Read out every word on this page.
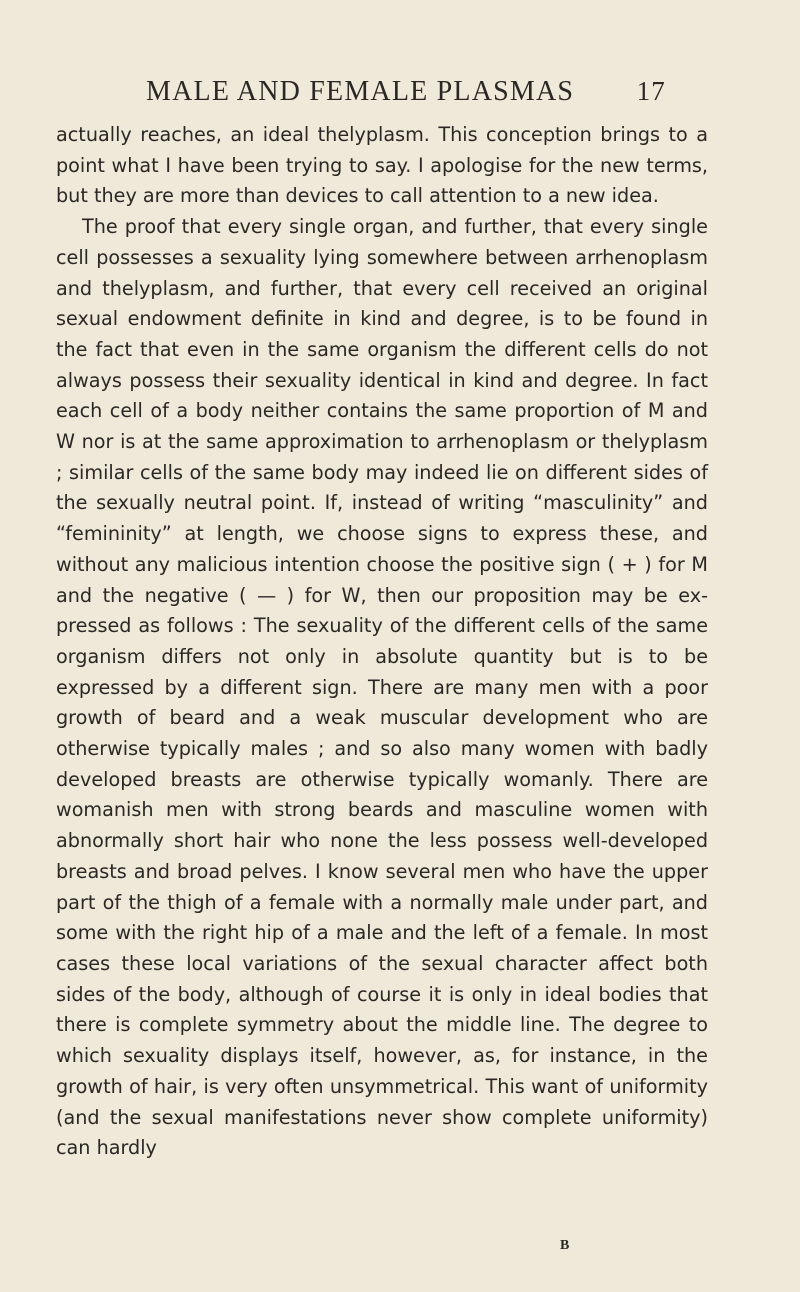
MALE AND FEMALE PLASMAS 17

actually reaches, an ideal thelyplasm. This conception brings to a point what I have been trying to say. I apologise for the new terms, but they are more than devices to call attention to a new idea.

The proof that every single organ, and further, that every single cell possesses a sexuality lying somewhere between arrhenoplasm and thelyplasm, and further, that every cell received an original sexual endowment definite in kind and degree, is to be found in the fact that even in the same organism the different cells do not always possess their sexuality identical in kind and degree. In fact each cell of a body neither contains the same proportion of M and W nor is at the same approximation to arrhenoplasm or thelyplasm ; similar cells of the same body may indeed lie on different sides of the sexually neutral point. If, instead of writing “masculinity” and “femininity” at length, we choose signs to express these, and without any malicious intention choose the positive sign ( + ) for M and the negative ( — ) for W, then our proposition may be expressed as follows : The sexuality of the different cells of the same organism differs not only in absolute quantity but is to be expressed by a different sign. There are many men with a poor growth of beard and a weak muscular development who are otherwise typically males ; and so also many women with badly developed breasts are otherwise typically womanly. There are womanish men with strong beards and masculine women with abnormally short hair who none the less possess well-developed breasts and broad pelves. I know several men who have the upper part of the thigh of a female with a normally male under part, and some with the right hip of a male and the left of a female. In most cases these local variations of the sexual character affect both sides of the body, although of course it is only in ideal bodies that there is complete symmetry about the middle line. The degree to which sexuality displays itself, however, as, for instance, in the growth of hair, is very often unsymmetrical. This want of uniformity (and the sexual manifestations never show complete uniformity) can hardly

B
